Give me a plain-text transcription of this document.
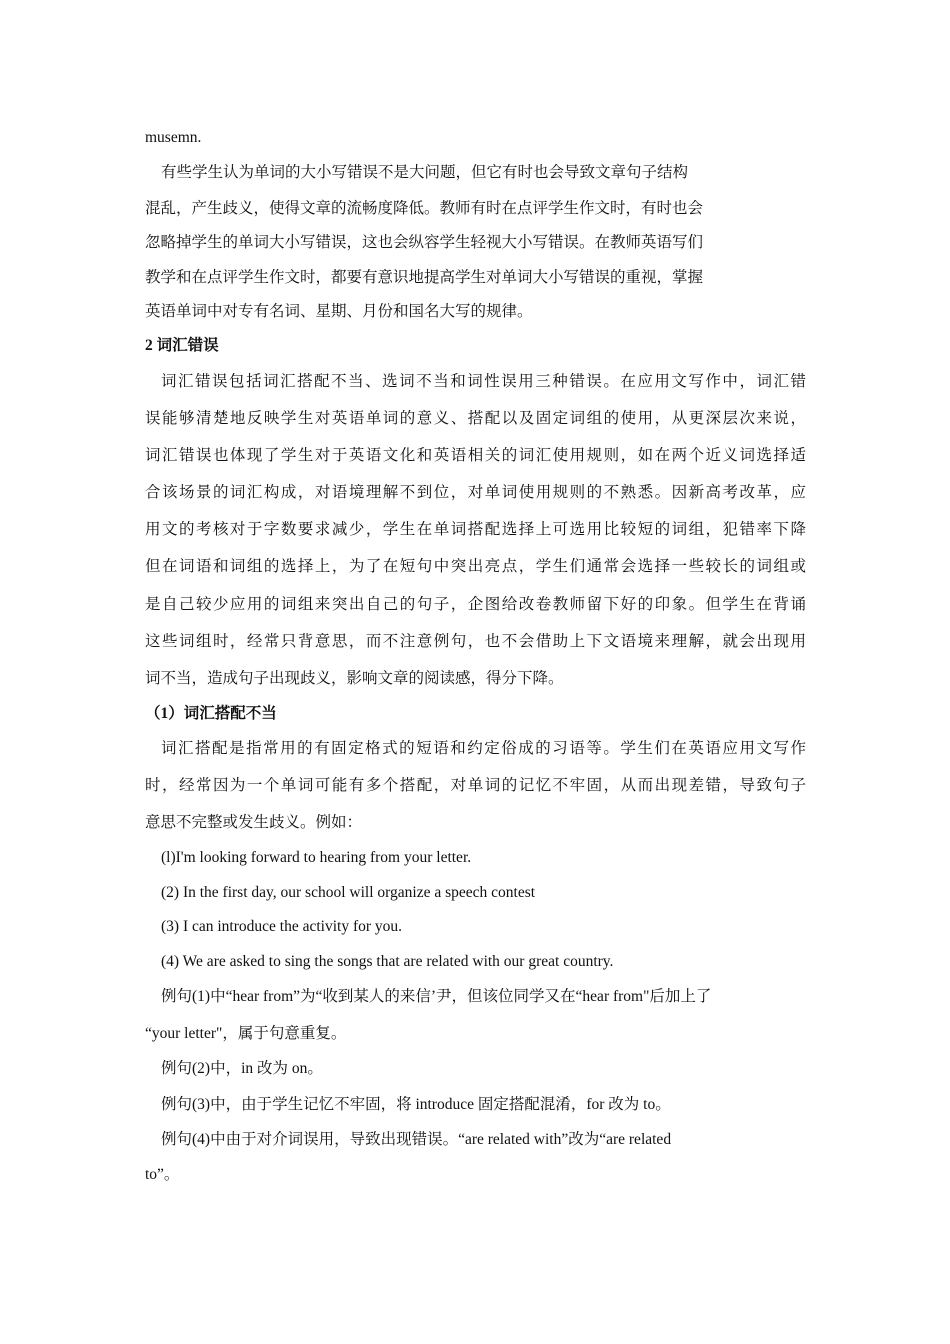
musemn.
有些学生认为单词的大小写错误不是大问题，但它有时也会导致文章句子结构
混乱，产生歧义，使得文章的流畅度降低。教师有时在点评学生作文时，有时也会
忽略掉学生的单词大小写错误，这也会纵容学生轻视大小写错误。在教师英语写们
教学和在点评学生作文时，都要有意识地提高学生对单词大小写错误的重视，掌握
英语单词中对专有名词、星期、月份和国名大写的规律。
2 词汇错误
词汇错误包括词汇搭配不当、选词不当和词性误用三种错误。在应用文写作中，词汇错
误能够清楚地反映学生对英语单词的意义、搭配以及固定词组的使用，从更深层次来说，
词汇错误也体现了学生对于英语文化和英语相关的词汇使用规则，如在两个近义词选择适
合该场景的词汇构成，对语境理解不到位，对单词使用规则的不熟悉。因新高考改革，应
用文的考核对于字数要求减少，学生在单词搭配选择上可选用比较短的词组，犯错率下降
但在词语和词组的选择上，为了在短句中突出亮点，学生们通常会选择一些较长的词组或
是自己较少应用的词组来突出自己的句子，企图给改卷教师留下好的印象。但学生在背诵
这些词组时，经常只背意思，而不注意例句，也不会借助上下文语境来理解，就会出现用
词不当，造成句子出现歧义，影响文章的阅读感，得分下降。
（1）词汇搭配不当
词汇搭配是指常用的有固定格式的短语和约定俗成的习语等。学生们在英语应用文写作
时，经常因为一个单词可能有多个搭配，对单词的记忆不牢固，从而出现差错，导致句子
意思不完整或发生歧义。例如：
(l)I'm looking forward to hearing from your letter.
(2) In the first day, our school will organize a speech contest
(3) I can introduce the activity for you.
(4) We are asked to sing the songs that are related with our great country.
例句(1)中“hear from”为“收到某人的来信’尹，但该位同学又在“hear from"后加上了
“your letter"，属于句意重复。
例句(2)中，in 改为 on。
例句(3)中，由于学生记忆不牢固，将 introduce 固定搭配混淆，for 改为 to。
例句(4)中由于对介词误用，导致出现错误。“are related with”改为“are related
to”。
